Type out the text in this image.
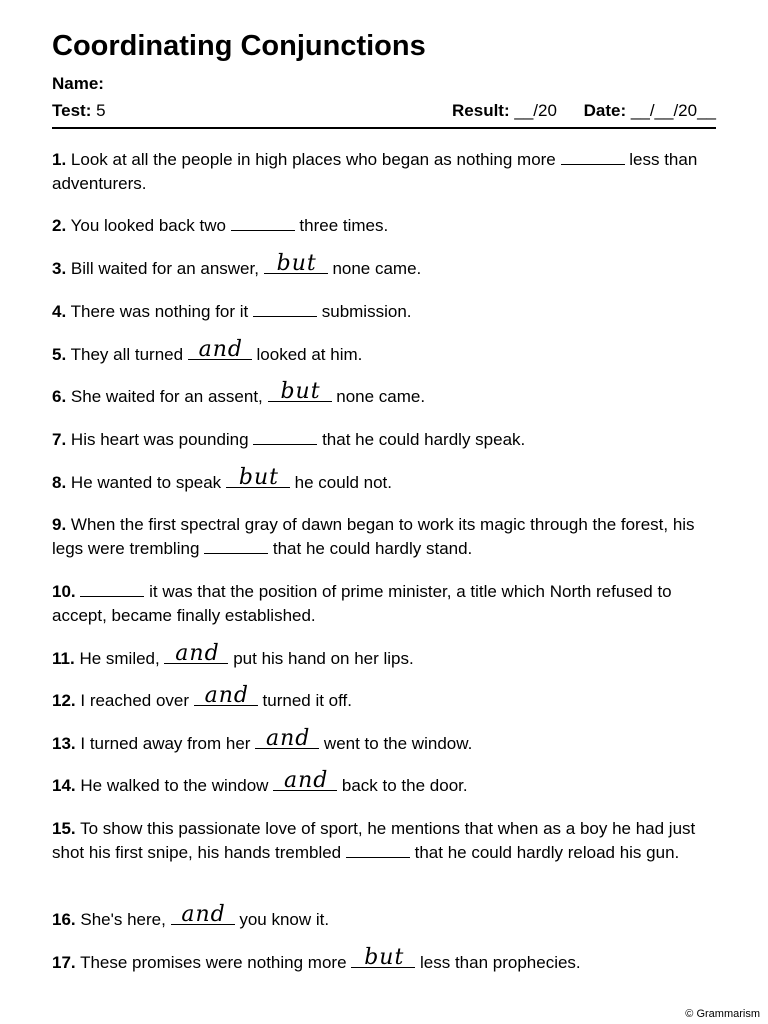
Coordinating Conjunctions
Name:
Test: 5	Result: __/20 Date: __/__/20__
1. Look at all the people in high places who began as nothing more	less than adventurers.
2. You looked back two	three times.
3. Bill waited for an answer, but none came.
4. There was nothing for it	submission.
5. They all turned and looked at him.
6. She waited for an assent, but none came.
7. His heart was pounding	that he could hardly speak.
8. He wanted to speak but he could not.
9. When the first spectral gray of dawn began to work its magic through the forest, his legs were trembling	that he could hardly stand.
10.	it was that the position of prime minister, a title which North refused to accept, became finally established.
11. He smiled, and put his hand on her lips.
12. I reached over and turned it off.
13. I turned away from her and went to the window.
14. He walked to the window and back to the door.
15. To show this passionate love of sport, he mentions that when as a boy he had just shot his first snipe, his hands trembled	that he could hardly reload his gun.
16. She's here, and you know it.
17. These promises were nothing more but less than prophecies.
© Grammarism
